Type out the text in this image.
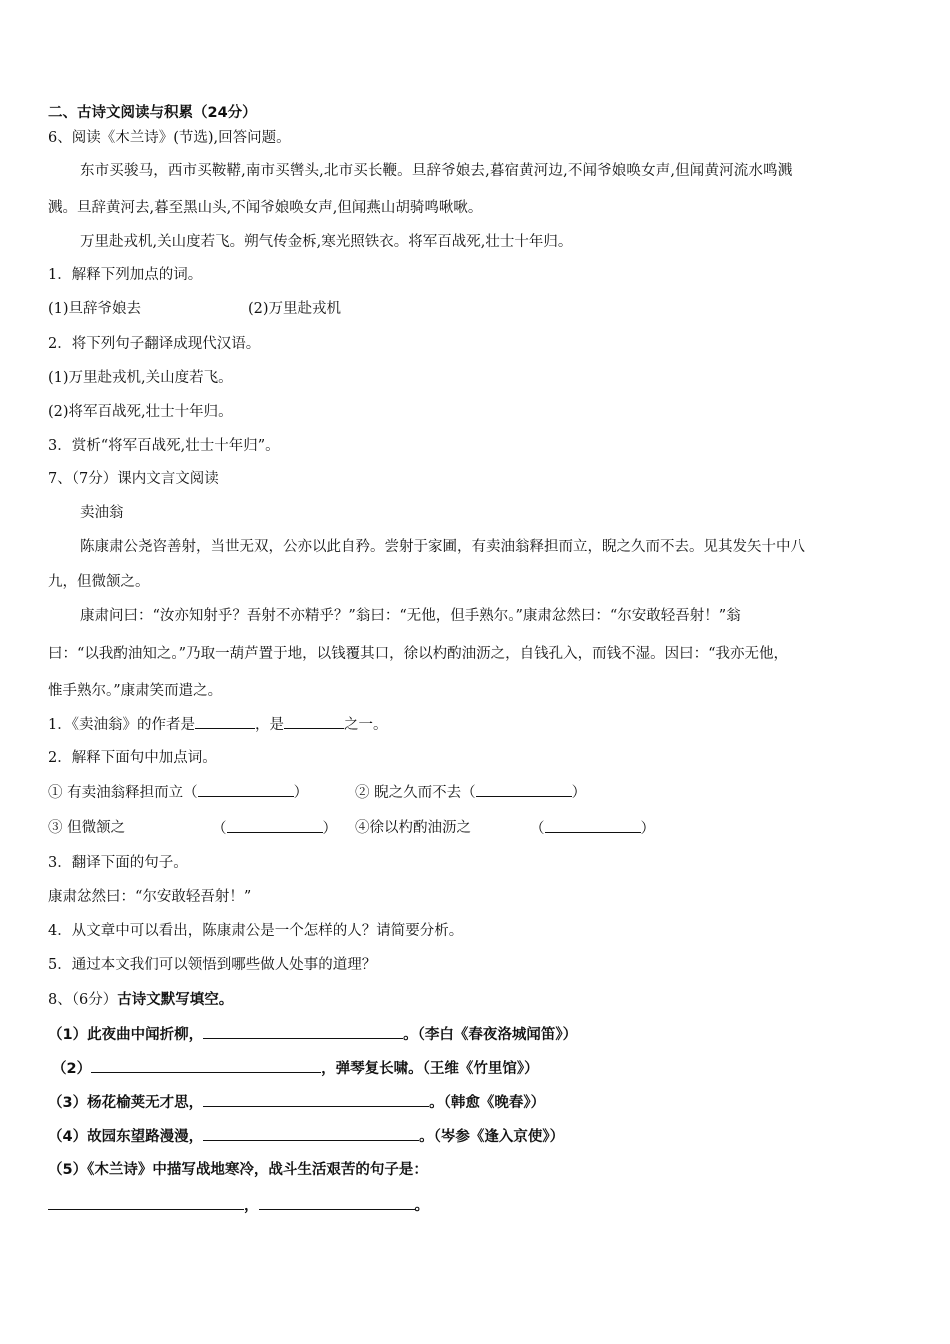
二、古诗文阅读与积累（24分）
6、阅读《木兰诗》(节选),回答问题。
东市买骏马，西市买鞍鞯,南市买辔头,北市买长鞭。旦辞爷娘去,暮宿黄河边,不闻爷娘唤女声,但闻黄河流水鸣溅
溅。旦辞黄河去,暮至黑山头,不闻爷娘唤女声,但闻燕山胡骑鸣啾啾。
万里赴戎机,关山度若飞。朔气传金柝,寒光照铁衣。将军百战死,壮士十年归。
1．解释下列加点的词。
(1)旦辞爷娘去	(2)万里赴戎机
2．将下列句子翻译成现代汉语。
(1)万里赴戎机,关山度若飞。
(2)将军百战死,壮士十年归。
3．赏析“将军百战死,壮士十年归”。
7、（7分）课内文言文阅读
卖油翁
陈康肃公尧咨善射，当世无双，公亦以此自矜。尝射于家圃，有卖油翁释担而立，睨之久而不去。见其发矢十中八
九，但微颔之。
康肃问曰：“汝亦知射乎？吾射不亦精乎？”翁曰：“无他，但手熟尔。”康肃忿然曰：“尔安敢轻吾射！”翁
曰：“以我酌油知之。”乃取一葫芦置于地，以钱覆其口，徐以杓酌油沥之，自钱孔入，而钱不湿。因曰：“我亦无他，
惟手熟尔。”康肃笑而遣之。
1．《卖油翁》的作者是	，是	之一。
2．解释下面句中加点词。
① 有卖油翁释担而立（	）	② 睨之久而不去（	）
③ 但微颔之	（	） ④徐以杓酌油沥之	（	）
3．翻译下面的句子。
康肃忿然曰：“尔安敢轻吾射！”
4．从文章中可以看出，陈康肃公是一个怎样的人？请简要分析。
5．通过本文我们可以领悟到哪些做人处事的道理？
8、（6分）古诗文默写填空。
（1）此夜曲中闻折柳，	。（李白《春夜洛城闻笛》）
（2）	，弹琴复长啸。（王维《竹里馆》）
（3）杨花榆荚无才思，	。（韩愈《晚春》）
（4）故园东望路漫漫，	。（岑参《逢入京使》）
（5）《木兰诗》中描写战地寒冷，战斗生活艰苦的句子是：
，	。
